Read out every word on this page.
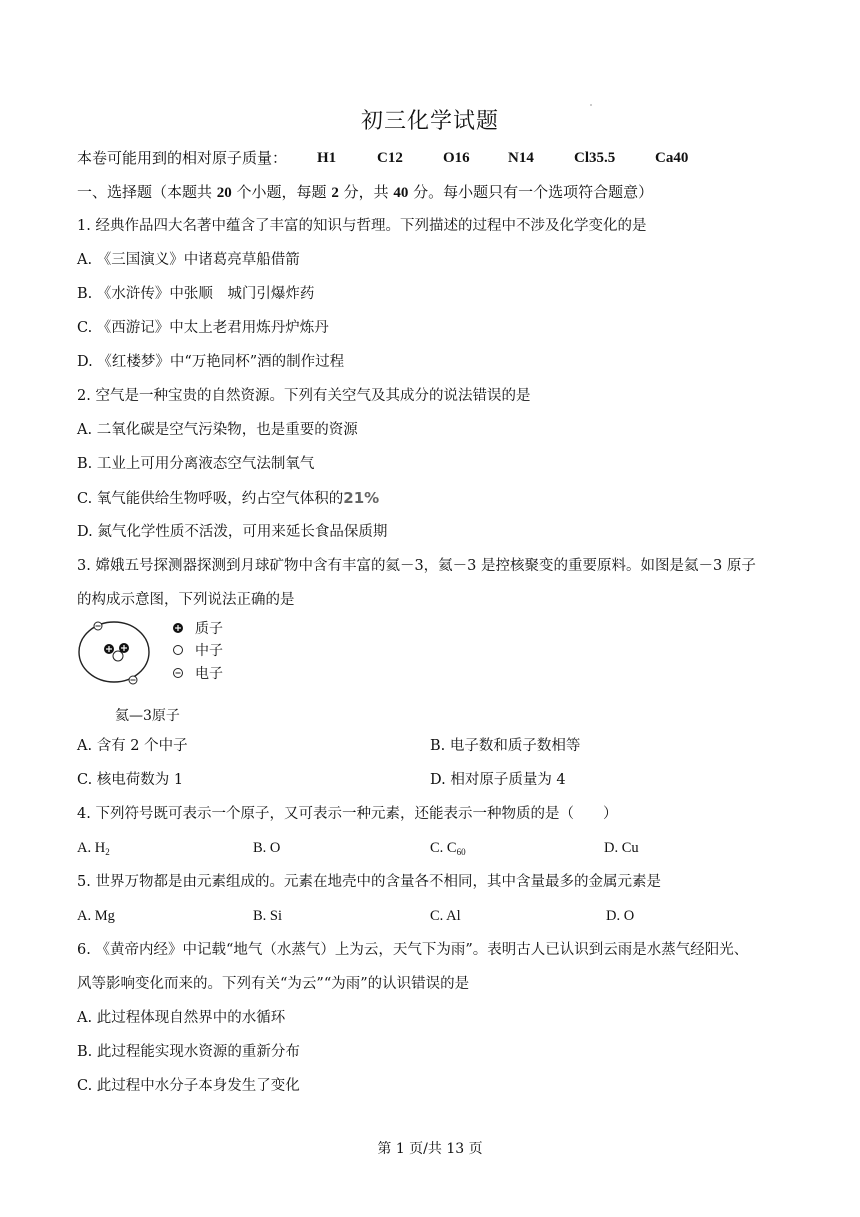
初三化学试题
本卷可能用到的相对原子质量： H1	C12	O16	N14	Cl35.5	Ca40
一、选择题（本题共 20 个小题，每题 2 分，共 40 分。每小题只有一个选项符合题意）
1. 经典作品四大名著中蕴含了丰富的知识与哲理。下列描述的过程中不涉及化学变化的是
A. 《三国演义》中诸葛亮草船借箭
B. 《水浒传》中张顺　城门引爆炸药
C. 《西游记》中太上老君用炼丹炉炼丹
D. 《红楼梦》中“万艳同杯”酒的制作过程
2. 空气是一种宝贵的自然资源。下列有关空气及其成分的说法错误的是
A. 二氧化碳是空气污染物，也是重要的资源
B. 工业上可用分离液态空气法制氧气
C. 氧气能供给生物呼吸，约占空气体积的21%
D. 氮气化学性质不活泼，可用来延长食品保质期
3. 嫦娥五号探测器探测到月球矿物中含有丰富的氦－3，氦－3 是控核聚变的重要原料。如图是氦－3 原子
的构成示意图，下列说法正确的是
质子
中子
电子
氦—3原子
A. 含有 2 个中子	B. 电子数和质子数相等
C. 核电荷数为 1	D. 相对原子质量为 4
4. 下列符号既可表示一个原子，又可表示一种元素，还能表示一种物质的是（　　）
A. $H_2$	B. O	C. $C_{60}$	D. Cu
5. 世界万物都是由元素组成的。元素在地壳中的含量各不相同，其中含量最多的金属元素是
A. Mg	B. Si	C. Al	D. O
6. 《黄帝内经》中记载“地气（水蒸气）上为云，天气下为雨”。表明古人已认识到云雨是水蒸气经阳光、
风等影响变化而来的。下列有关“为云”“为雨”的认识错误的是
A. 此过程体现自然界中的水循环
B. 此过程能实现水资源的重新分布
C. 此过程中水分子本身发生了变化
第 1 页/共 13 页
